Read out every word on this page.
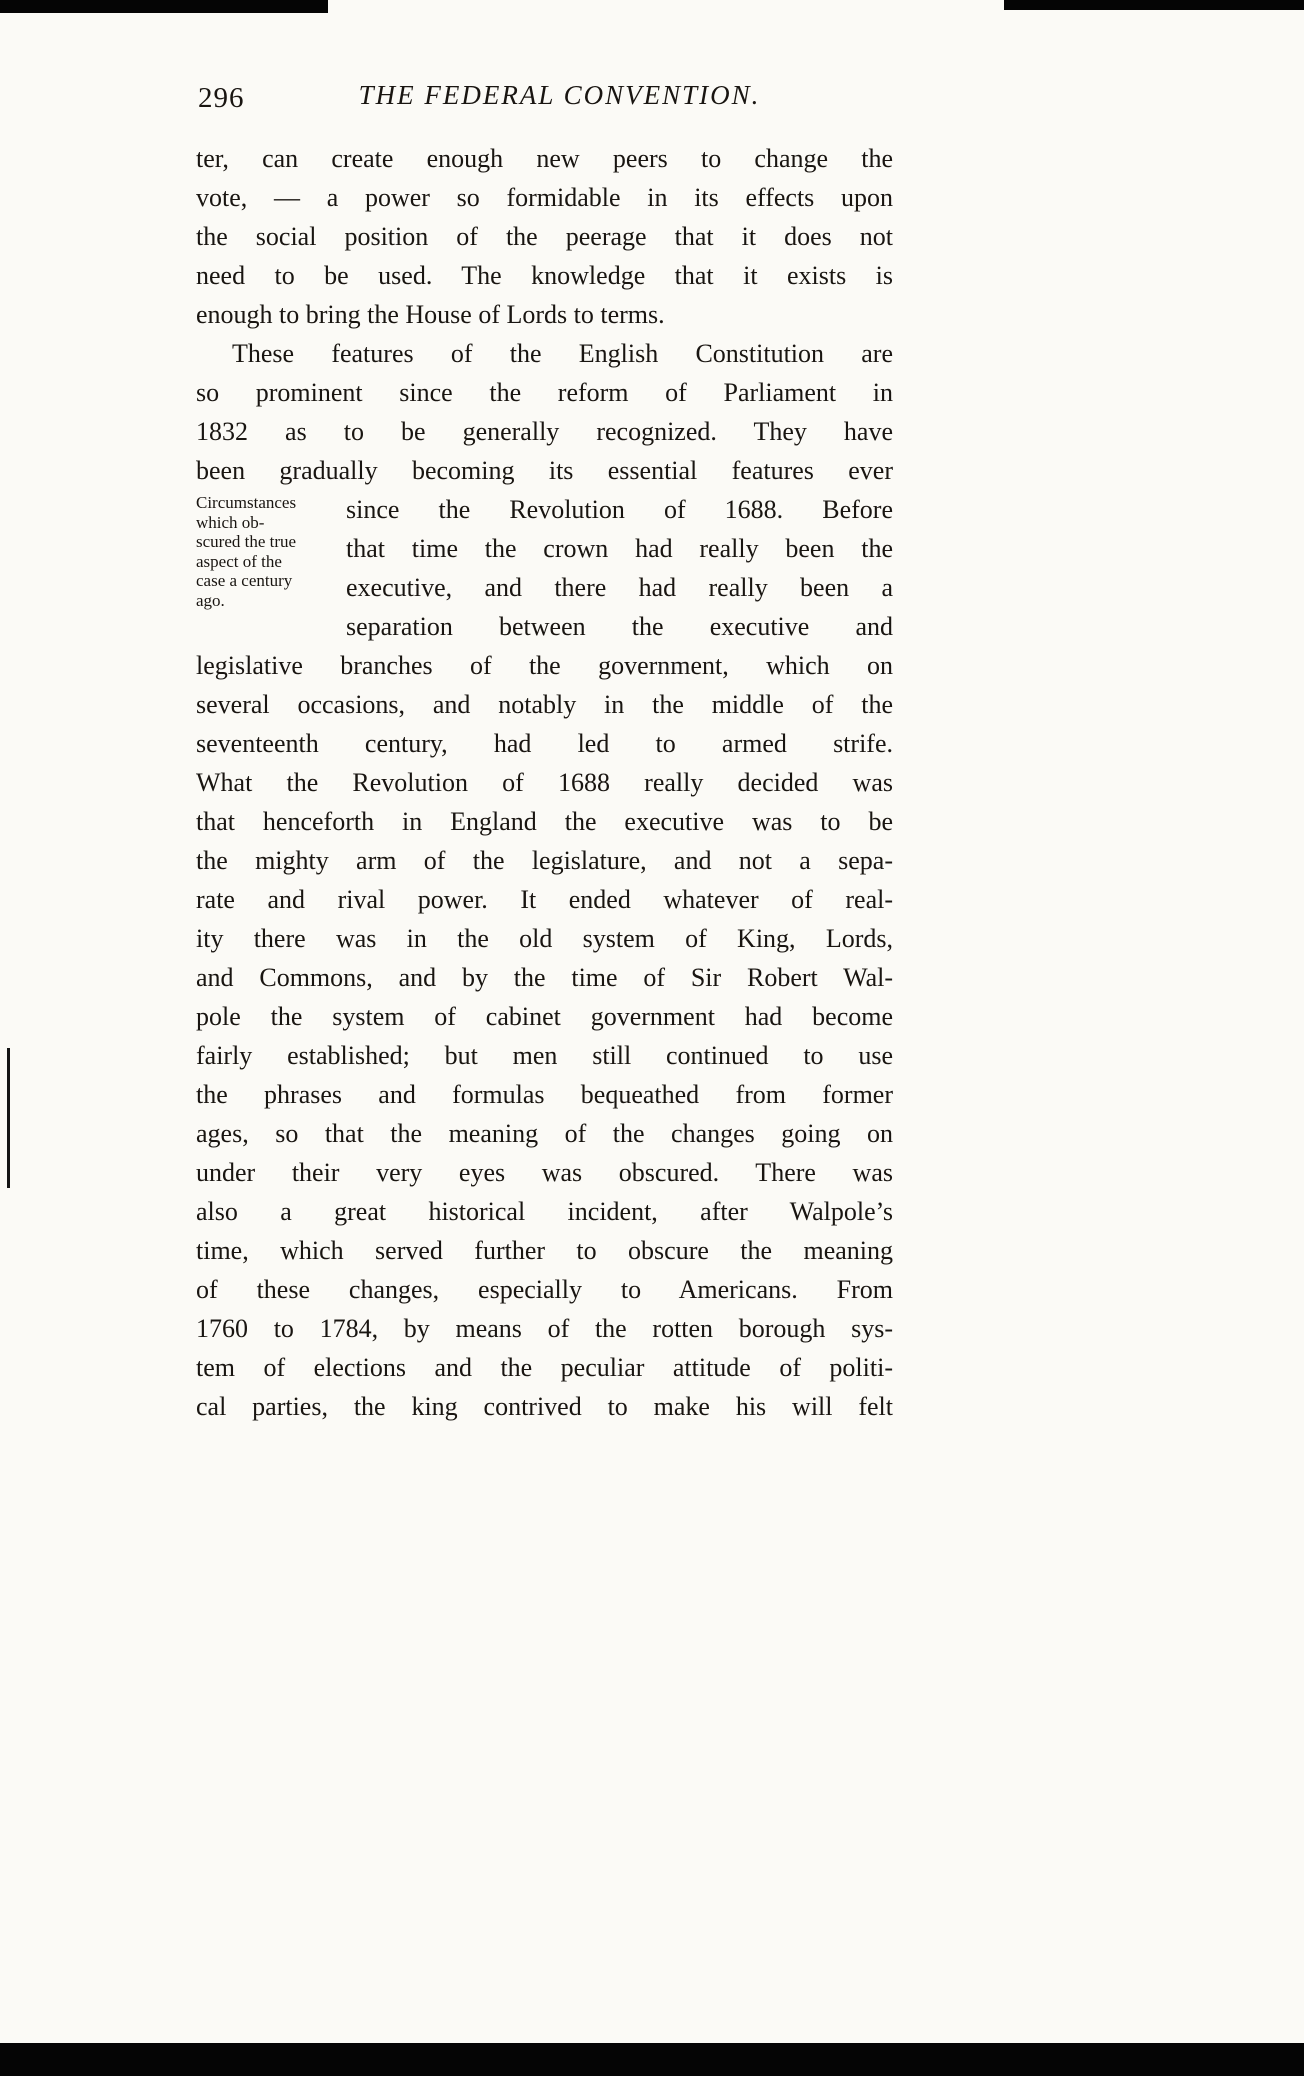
296	THE FEDERAL CONVENTION.
Circumstances
which ob-
scured the true
aspect of the
case a century
ago.
ter, can create enough new peers to change the
vote, — a power so formidable in its effects upon
the social position of the peerage that it does not
need to be used. The knowledge that it exists is
enough to bring the House of Lords to terms.
These features of the English Constitution are
so prominent since the reform of Parliament in
1832 as to be generally recognized. They have
been gradually becoming its essential features ever
since the Revolution of 1688. Before
that time the crown had really been the
executive, and there had really been a
separation between the executive and
legislative branches of the government, which on
several occasions, and notably in the middle of the
seventeenth century, had led to armed strife.
What the Revolution of 1688 really decided was
that henceforth in England the executive was to be
the mighty arm of the legislature, and not a sepa-
rate and rival power. It ended whatever of real-
ity there was in the old system of King, Lords,
and Commons, and by the time of Sir Robert Wal-
pole the system of cabinet government had become
fairly established; but men still continued to use
the phrases and formulas bequeathed from former
ages, so that the meaning of the changes going on
under their very eyes was obscured. There was
also a great historical incident, after Walpole’s
time, which served further to obscure the meaning
of these changes, especially to Americans. From
1760 to 1784, by means of the rotten borough sys-
tem of elections and the peculiar attitude of politi-
cal parties, the king contrived to make his will felt
